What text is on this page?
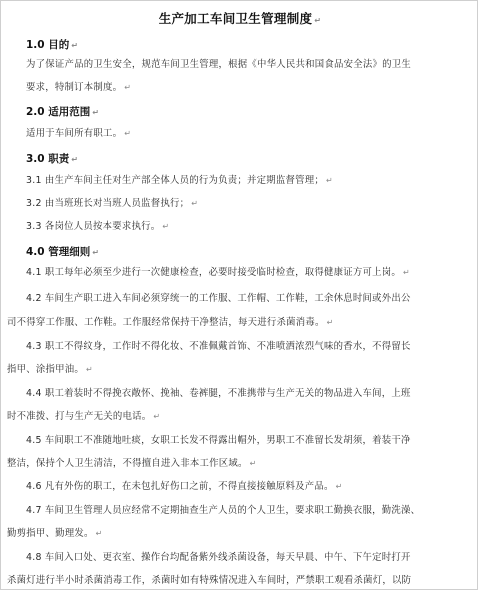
生产加工车间卫生管理制度 ↵
1.0 目的 ↵
为了保证产品的卫生安全，规范车间卫生管理，根据《中华人民共和国食品安全法》的卫生
要求，特制订本制度。 ↵
2.0 适用范围 ↵
适用于车间所有职工。 ↵
3.0 职责 ↵
3.1 由生产车间主任对生产部全体人员的行为负责；并定期监督管理； ↵
3.2 由当班班长对当班人员监督执行； ↵
3.3 各岗位人员按本要求执行。 ↵
4.0 管理细则 ↵
4.1 职工每年必须至少进行一次健康检查，必要时接受临时检查，取得健康证方可上岗。 ↵
4.2 车间生产职工进入车间必须穿统一的工作服、工作帽、工作鞋，工余休息时间或外出公
司不得穿工作服、工作鞋。工作服经常保持干净整洁，每天进行杀菌消毒。 ↵
4.3 职工不得纹身，工作时不得化妆、不准佩戴首饰、不准喷洒浓烈气味的香水，不得留长
指甲、涂指甲油。 ↵
4.4 职工着装时不得挽衣敞怀、挽袖、卷裤腿，不准携带与生产无关的物品进入车间，上班
时不准拨、打与生产无关的电话。 ↵
4.5 车间职工不准随地吐痰，女职工长发不得露出帽外，男职工不准留长发胡须，着装干净
整洁，保持个人卫生清洁，不得擅自进入非本工作区域。 ↵
4.6 凡有外伤的职工，在未包扎好伤口之前，不得直接接触原料及产品。 ↵
4.7 车间卫生管理人员应经常不定期抽查生产人员的个人卫生，要求职工勤换衣服，勤洗澡、
勤剪指甲、勤理发。 ↵
4.8 车间入口处、更衣室、操作台均配备紫外线杀菌设备，每天早晨、中午、下午定时打开
杀菌灯进行半小时杀菌消毒工作，杀菌时如有特殊情况进入车间时，严禁职工观看杀菌灯，以防
